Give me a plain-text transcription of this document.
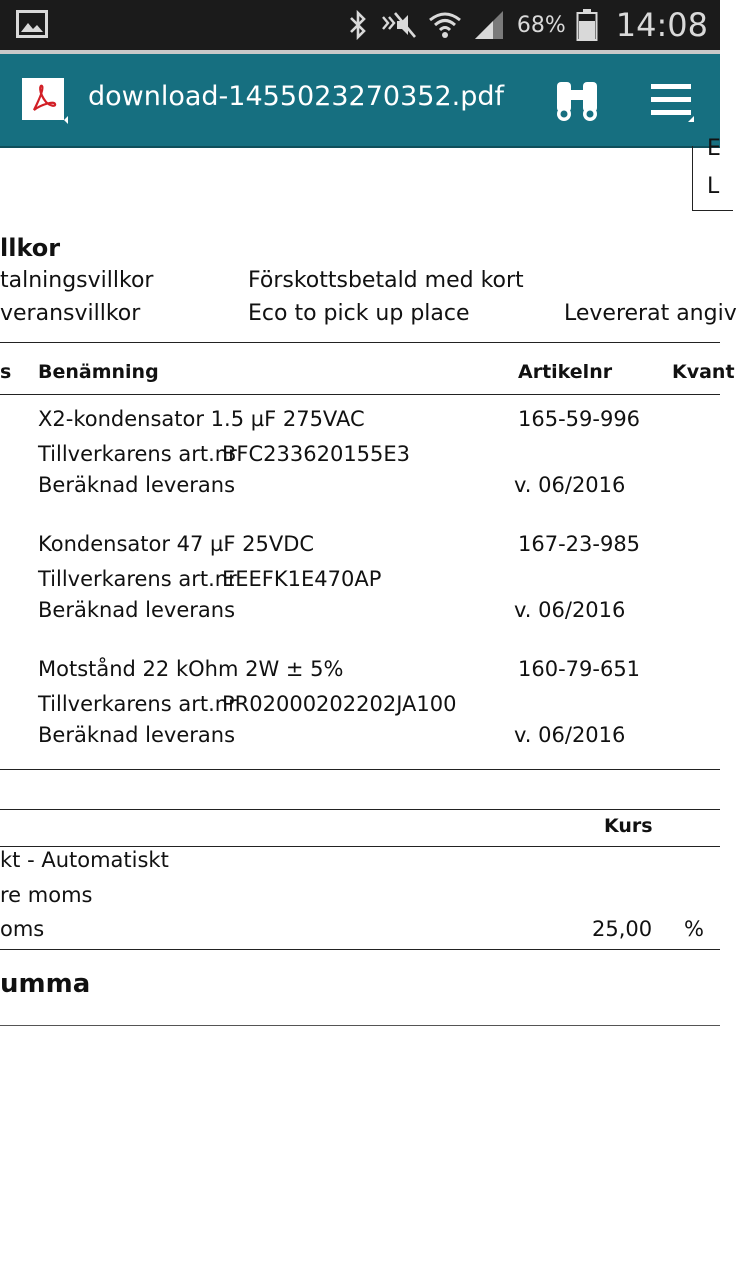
68% 14:08
download-1455023270352.pdf
E
L
llkor
talningsvillkor	Förskottsbetald med kort
veransvillkor	Eco to pick up place	Levererat angiv
s Benämning	Artikelnr	Kvant
X2-kondensator 1.5 µF 275VAC	165-59-996
Tillverkarens art.nr
BFC233620155E3
Beräknad leverans	v. 06/2016
Kondensator 47 µF 25VDC	167-23-985
Tillverkarens art.nr
EEEFK1E470AP
Beräknad leverans	v. 06/2016
Motstånd 22 kOhm 2W ± 5%	160-79-651
Tillverkarens art.nr
PR02000202202JA100
Beräknad leverans	v. 06/2016
Kurs
kt - Automatiskt
re moms
oms	25,00 %
umma
